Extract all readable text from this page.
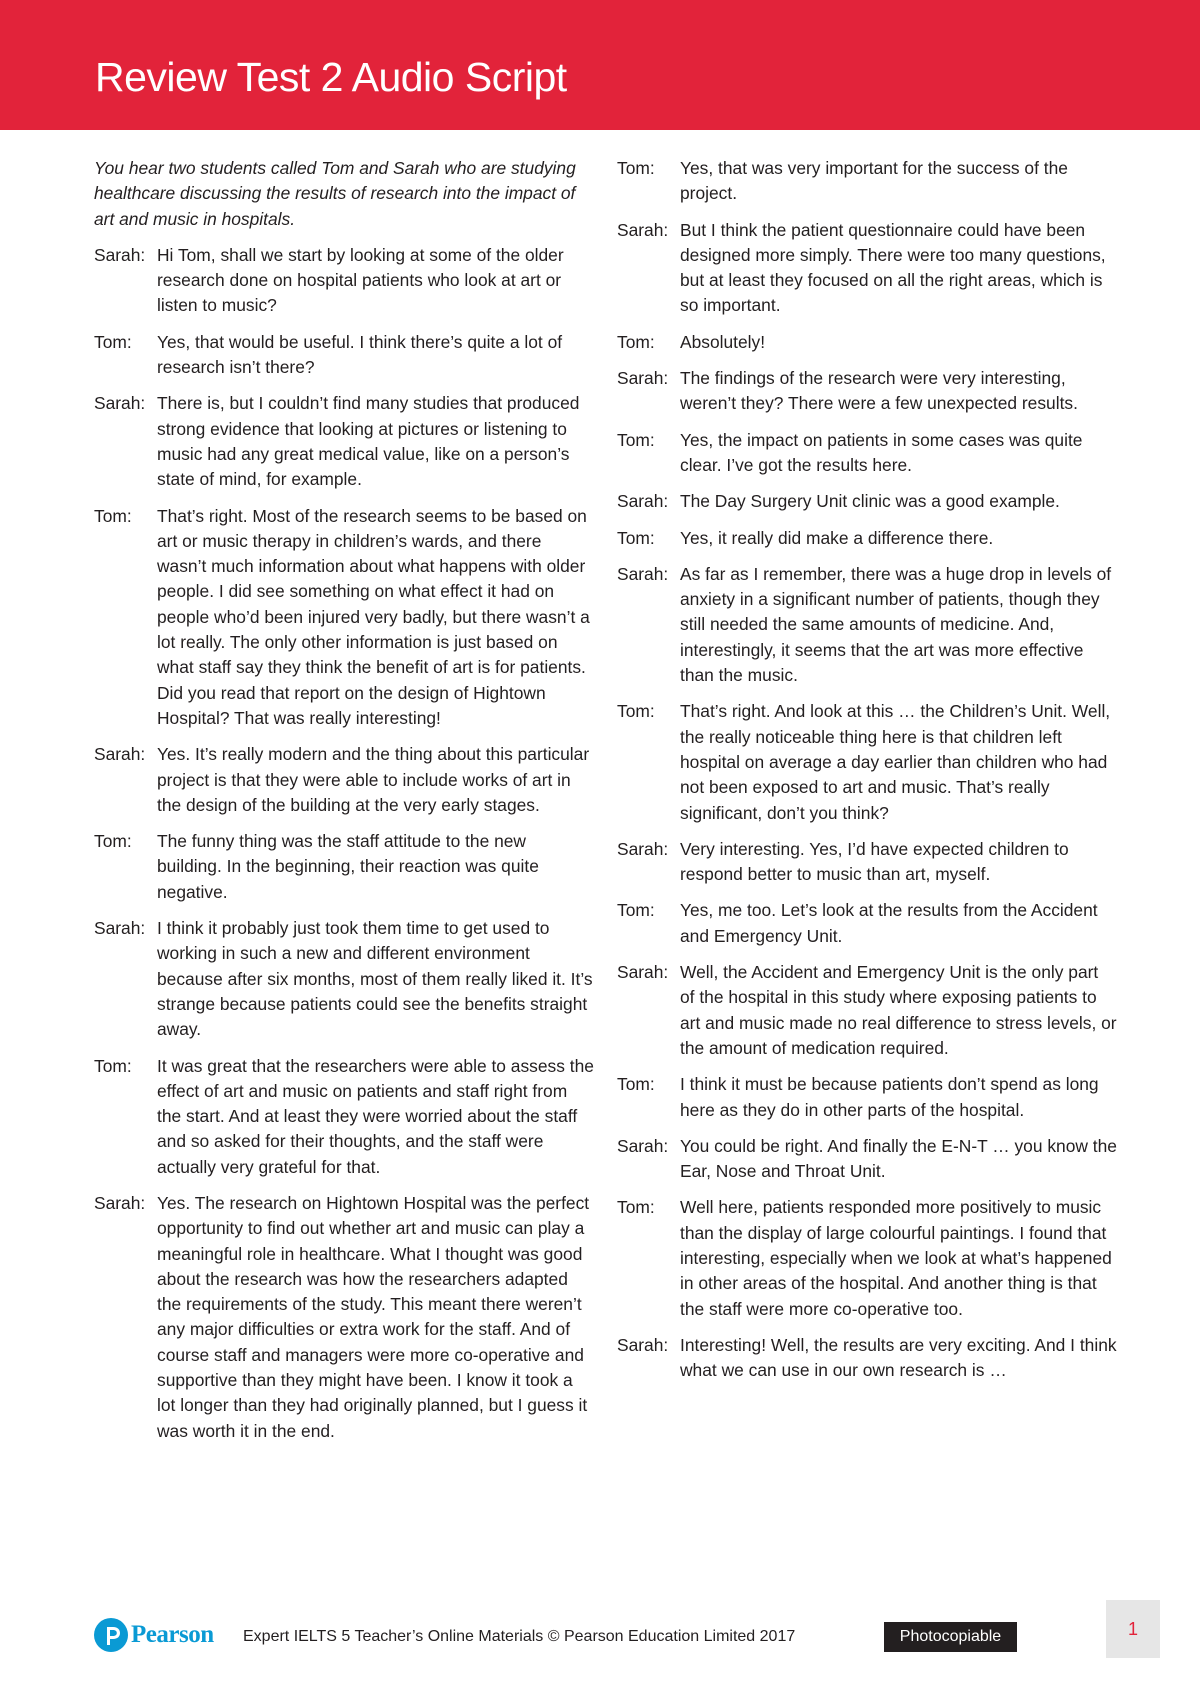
Review Test 2 Audio Script

You hear two students called Tom and Sarah who are studying healthcare discussing the results of research into the impact of art and music in hospitals.

Sarah: Hi Tom, shall we start by looking at some of the older research done on hospital patients who look at art or listen to music?
Tom:	Yes, that would be useful. I think there’s quite a lot of research isn’t there?
Sarah: There is, but I couldn’t find many studies that produced strong evidence that looking at pictures or listening to music had any great medical value, like on a person’s state of mind, for example.
Tom:	That’s right. Most of the research seems to be based on art or music therapy in children’s wards, and there wasn’t much information about what happens with older people. I did see something on what effect it had on people who’d been injured very badly, but there wasn’t a lot really. The only other information is just based on what staff say they think the benefit of art is for patients. Did you read that report on the design of Hightown Hospital? That was really interesting!
Sarah: Yes. It’s really modern and the thing about this particular project is that they were able to include works of art in the design of the building at the very early stages.
Tom:	The funny thing was the staff attitude to the new building. In the beginning, their reaction was quite negative.
Sarah: I think it probably just took them time to get used to working in such a new and different environment because after six months, most of them really liked it. It’s strange because patients could see the benefits straight away.
Tom:	It was great that the researchers were able to assess the effect of art and music on patients and staff right from the start. And at least they were worried about the staff and so asked for their thoughts, and the staff were actually very grateful for that.
Sarah: Yes. The research on Hightown Hospital was the perfect opportunity to find out whether art and music can play a meaningful role in healthcare. What I thought was good about the research was how the researchers adapted the requirements of the study. This meant there weren’t any major difficulties or extra work for the staff. And of course staff and managers were more co-operative and supportive than they might have been. I know it took a lot longer than they had originally planned, but I guess it was worth it in the end.
Tom:	Yes, that was very important for the success of the project.
Sarah: But I think the patient questionnaire could have been designed more simply. There were too many questions, but at least they focused on all the right areas, which is so important.
Tom:	Absolutely!
Sarah: The findings of the research were very interesting, weren’t they? There were a few unexpected results.
Tom:	Yes, the impact on patients in some cases was quite clear. I’ve got the results here.
Sarah: The Day Surgery Unit clinic was a good example.
Tom:	Yes, it really did make a difference there.
Sarah: As far as I remember, there was a huge drop in levels of anxiety in a significant number of patients, though they still needed the same amounts of medicine. And, interestingly, it seems that the art was more effective than the music.
Tom:	That’s right. And look at this … the Children’s Unit. Well, the really noticeable thing here is that children left hospital on average a day earlier than children who had not been exposed to art and music. That’s really significant, don’t you think?
Sarah: Very interesting. Yes, I’d have expected children to respond better to music than art, myself.
Tom:	Yes, me too. Let’s look at the results from the Accident and Emergency Unit.
Sarah: Well, the Accident and Emergency Unit is the only part of the hospital in this study where exposing patients to art and music made no real difference to stress levels, or the amount of medication required.
Tom:	I think it must be because patients don’t spend as long here as they do in other parts of the hospital.
Sarah: You could be right. And finally the E-N-T … you know the Ear, Nose and Throat Unit.
Tom:	Well here, patients responded more positively to music than the display of large colourful paintings. I found that interesting, especially when we look at what’s happened in other areas of the hospital. And another thing is that the staff were more co-operative too.
Sarah: Interesting! Well, the results are very exciting. And I think what we can use in our own research is …
Pearson Expert IELTS 5 Teacher’s Online Materials © Pearson Education Limited 2017	Photocopiable	1
